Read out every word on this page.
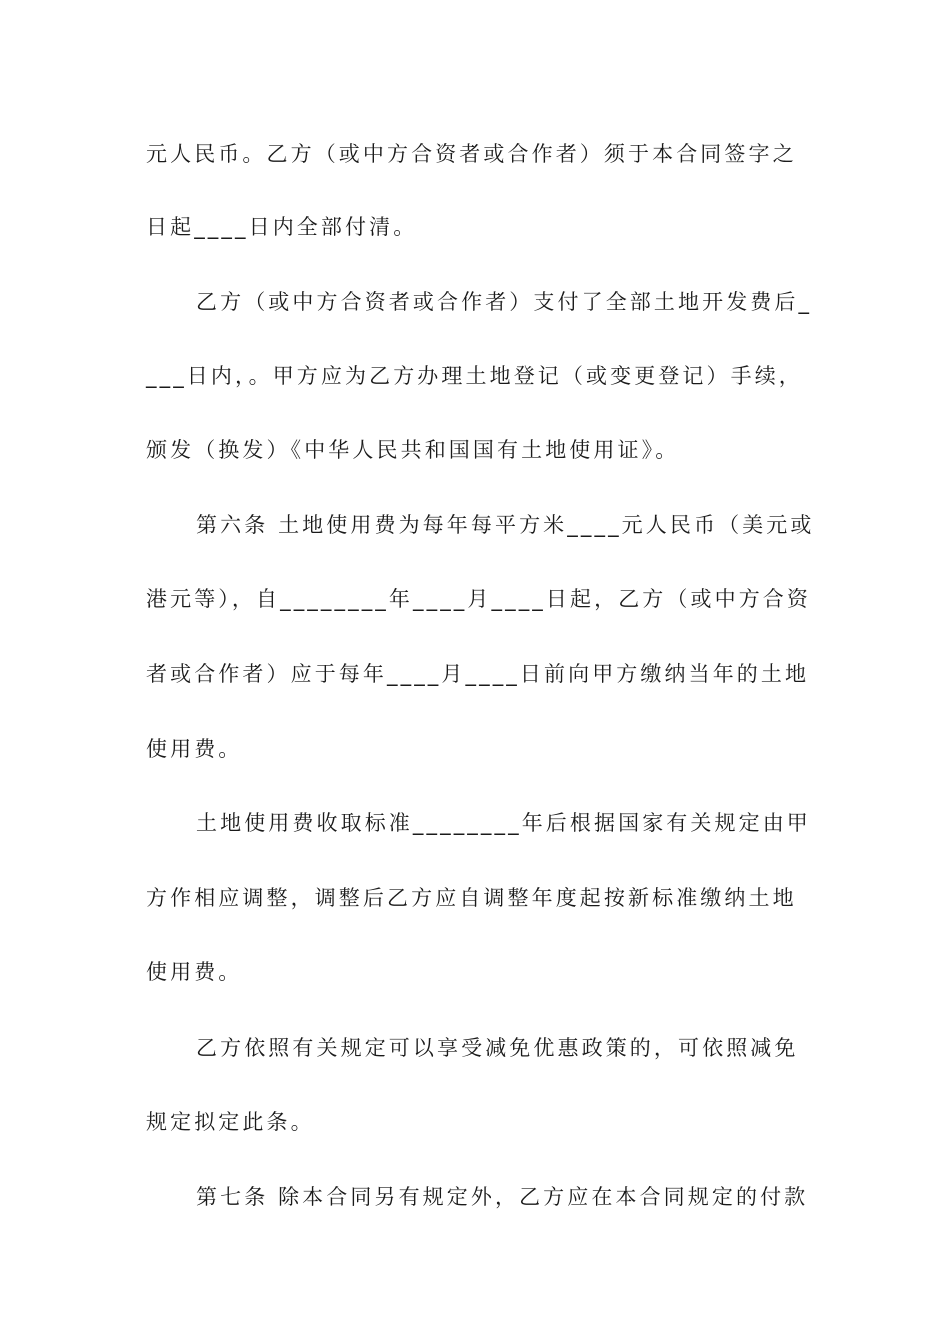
元人民币。乙方（或中方合资者或合作者）须于本合同签字之
日起____日内全部付清。
乙方（或中方合资者或合作者）支付了全部土地开发费后_
___日内，。甲方应为乙方办理土地登记（或变更登记）手续，
颁发（换发）《中华人民共和国国有土地使用证》。
第六条 土地使用费为每年每平方米____元人民币（美元或
港元等），自________年____月____日起，乙方（或中方合资
者或合作者）应于每年____月____日前向甲方缴纳当年的土地
使用费。
土地使用费收取标准________年后根据国家有关规定由甲
方作相应调整，调整后乙方应自调整年度起按新标准缴纳土地
使用费。
乙方依照有关规定可以享受减免优惠政策的，可依照减免
规定拟定此条。
第七条 除本合同另有规定外，乙方应在本合同规定的付款
